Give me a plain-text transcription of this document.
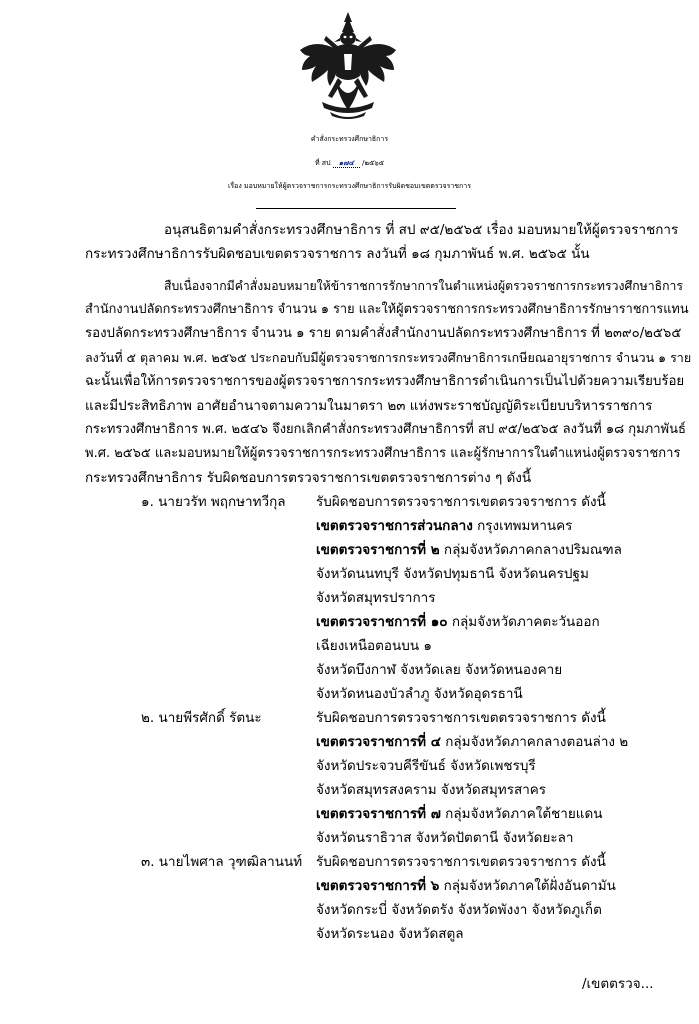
คำสั่งกระทรวงศึกษาธิการ
ที่ สป ๑๗๔ /๒๕๖๕
เรื่อง มอบหมายให้ผู้ตรวจราชการกระทรวงศึกษาธิการรับผิดชอบเขตตรวจราชการ
อนุสนธิตามคำสั่งกระทรวงศึกษาธิการ ที่ สป ๙๕/๒๕๖๕ เรื่อง มอบหมายให้ผู้ตรวจราชการ
กระทรวงศึกษาธิการรับผิดชอบเขตตรวจราชการ ลงวันที่ ๑๘ กุมภาพันธ์ พ.ศ. ๒๕๖๕ นั้น
สืบเนื่องจากมีคำสั่งมอบหมายให้ข้าราชการรักษาการในตำแหน่งผู้ตรวจราชการกระทรวงศึกษาธิการ
สำนักงานปลัดกระทรวงศึกษาธิการ จำนวน ๑ ราย และให้ผู้ตรวจราชการกระทรวงศึกษาธิการรักษาราชการแทน
รองปลัดกระทรวงศึกษาธิการ จำนวน ๑ ราย ตามคำสั่งสำนักงานปลัดกระทรวงศึกษาธิการ ที่ ๒๓๙๐/๒๕๖๕
ลงวันที่ ๕ ตุลาคม พ.ศ. ๒๕๖๕ ประกอบกับมีผู้ตรวจราชการกระทรวงศึกษาธิการเกษียณอายุราชการ จำนวน ๑ ราย
ฉะนั้นเพื่อให้การตรวจราชการของผู้ตรวจราชการกระทรวงศึกษาธิการดำเนินการเป็นไปด้วยความเรียบร้อย
และมีประสิทธิภาพ อาศัยอำนาจตามความในมาตรา ๒๓ แห่งพระราชบัญญัติระเบียบบริหารราชการ
กระทรวงศึกษาธิการ พ.ศ. ๒๕๔๖ จึงยกเลิกคำสั่งกระทรวงศึกษาธิการที่ สป ๙๕/๒๕๖๕ ลงวันที่ ๑๘ กุมภาพันธ์
พ.ศ. ๒๕๖๕ และมอบหมายให้ผู้ตรวจราชการกระทรวงศึกษาธิการ และผู้รักษาการในตำแหน่งผู้ตรวจราชการ
กระทรวงศึกษาธิการ รับผิดชอบการตรวจราชการเขตตรวจราชการต่าง ๆ ดังนี้
๑. นายวรัท พฤกษาทวีกุล รับผิดชอบการตรวจราชการเขตตรวจราชการ ดังนี้
เขตตรวจราชการส่วนกลาง กรุงเทพมหานคร
เขตตรวจราชการที่ ๒ กลุ่มจังหวัดภาคกลางปริมณฑล
จังหวัดนนทบุรี จังหวัดปทุมธานี จังหวัดนครปฐม
จังหวัดสมุทรปราการ
เขตตรวจราชการที่ ๑๐ กลุ่มจังหวัดภาคตะวันออก
เฉียงเหนือตอนบน ๑
จังหวัดบึงกาฬ จังหวัดเลย จังหวัดหนองคาย
จังหวัดหนองบัวลำภู จังหวัดอุดรธานี
๒. นายพีรศักดิ์ รัตนะ	รับผิดชอบการตรวจราชการเขตตรวจราชการ ดังนี้
เขตตรวจราชการที่ ๔ กลุ่มจังหวัดภาคกลางตอนล่าง ๒
จังหวัดประจวบคีรีขันธ์ จังหวัดเพชรบุรี
จังหวัดสมุทรสงคราม จังหวัดสมุทรสาคร
เขตตรวจราชการที่ ๗ กลุ่มจังหวัดภาคใต้ชายแดน
จังหวัดนราธิวาส จังหวัดปัตตานี จังหวัดยะลา
๓. นายไพศาล วุฑฒิลานนท์ รับผิดชอบการตรวจราชการเขตตรวจราชการ ดังนี้
เขตตรวจราชการที่ ๖ กลุ่มจังหวัดภาคใต้ฝั่งอันดามัน
จังหวัดกระบี่ จังหวัดตรัง จังหวัดพังงา จังหวัดภูเก็ต
จังหวัดระนอง จังหวัดสตูล
/เขตตรวจ...
